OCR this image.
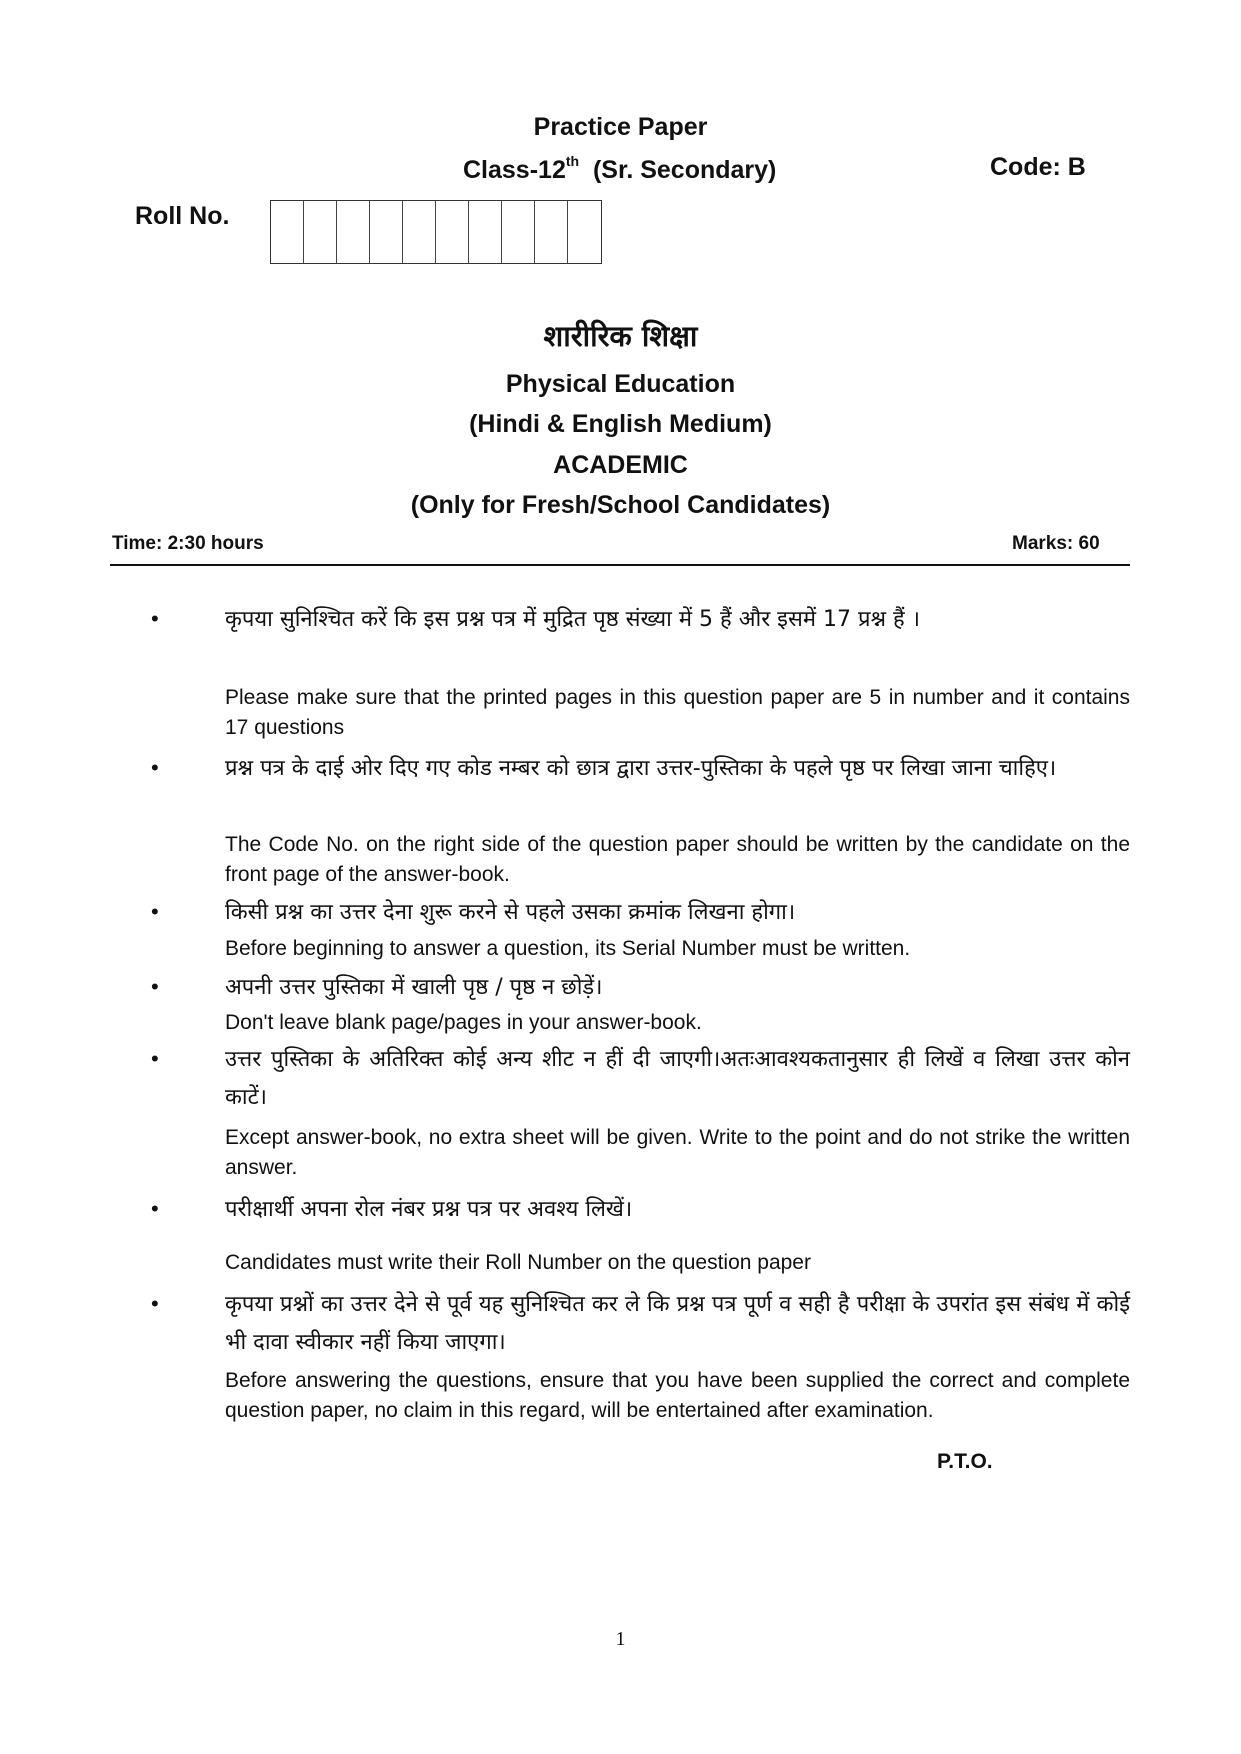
Practice Paper
Class-12th (Sr. Secondary)	Code: B
Roll No.
शारीरिक शिक्षा
Physical Education
(Hindi & English Medium)
ACADEMIC
(Only for Fresh/School Candidates)
Time: 2:30 hours	Marks: 60
•	कृपया सुनिश्चित करें कि इस प्रश्न पत्र में मुद्रित पृष्ठ संख्या में 5 हैं और इसमें 17 प्रश्न हैं ।
Please make sure that the printed pages in this question paper are 5 in number and it contains 17 questions
•	प्रश्न पत्र के दाई ओर दिए गए कोड नम्बर को छात्र द्वारा उत्तर-पुस्तिका के पहले पृष्ठ पर लिखा जाना चाहिए।
The Code No. on the right side of the question paper should be written by the candidate on the front page of the answer-book.
•	किसी प्रश्न का उत्तर देना शुरू करने से पहले उसका क्रमांक लिखना होगा।
Before beginning to answer a question, its Serial Number must be written.
•	अपनी उत्तर पुस्तिका में खाली पृष्ठ / पृष्ठ न छोड़ें।
Don't leave blank page/pages in your answer-book.
•	उत्तर पुस्तिका के अतिरिक्त कोई अन्य शीट न हीं दी जाएगी।अतःआवश्यकतानुसार ही लिखें व लिखा उत्तर कोन काटें।
Except answer-book, no extra sheet will be given. Write to the point and do not strike the written answer.
•	परीक्षार्थी अपना रोल नंबर प्रश्न पत्र पर अवश्य लिखें।
Candidates must write their Roll Number on the question paper
•	कृपया प्रश्नों का उत्तर देने से पूर्व यह सुनिश्चित कर ले कि प्रश्न पत्र पूर्ण व सही है परीक्षा के उपरांत इस संबंध में कोई भी दावा स्वीकार नहीं किया जाएगा।
Before answering the questions, ensure that you have been supplied the correct and complete question paper, no claim in this regard, will be entertained after examination.
P.T.O.
1
